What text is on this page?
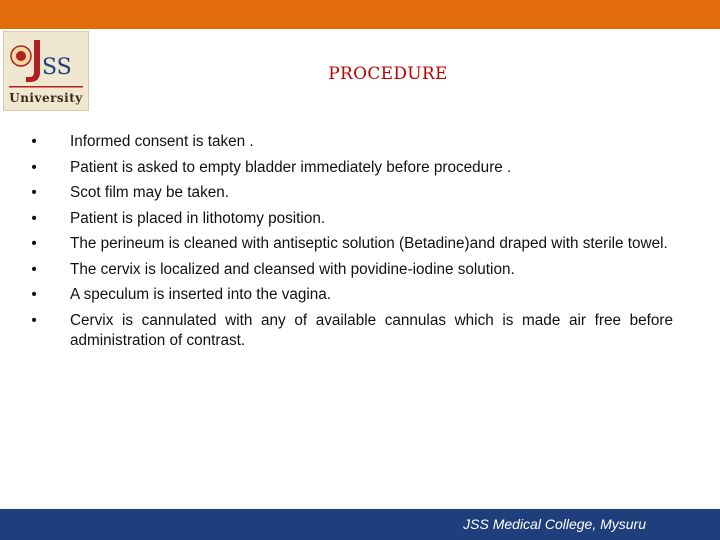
SS
University
PROCEDURE
• Informed consent is taken .
• Patient is asked to empty bladder immediately before procedure .
• Scot film may be taken.
• Patient is placed in lithotomy position.
• The perineum is cleaned with antiseptic solution (Betadine)and draped with sterile towel.
• The cervix is localized and cleansed with povidine-iodine solution.
• A speculum is inserted into the vagina.
• Cervix is cannulated with any of available cannulas which is made air free before administration of contrast.
JSS Medical College, Mysuru
